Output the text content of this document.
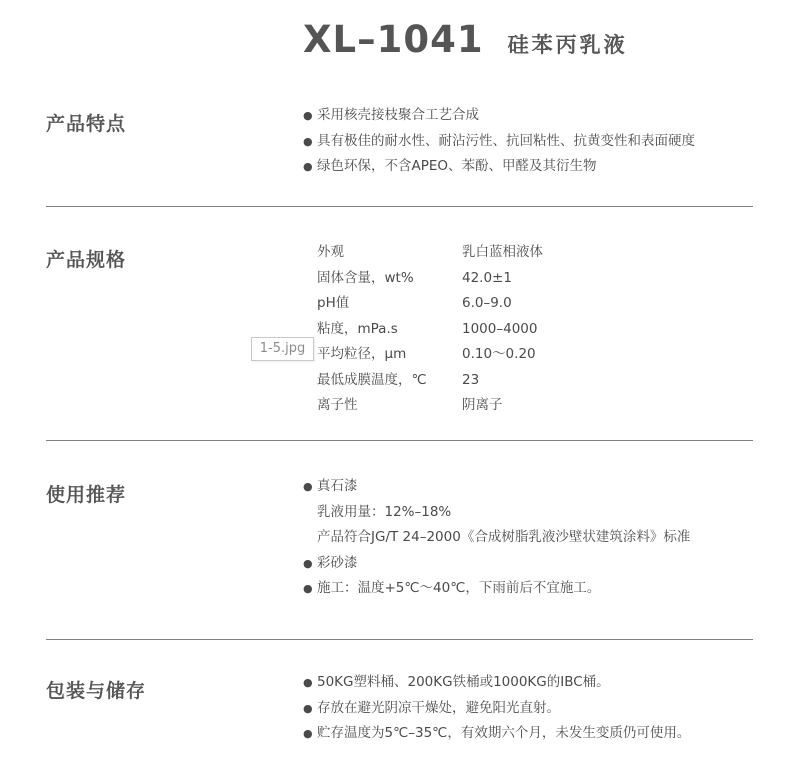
XL–1041 硅苯丙乳液
产品特点	● 采用核壳接枝聚合工艺合成
● 具有极佳的耐水性、耐沾污性、抗回粘性、抗黄变性和表面硬度
● 绿色环保，不含APEO、苯酚、甲醛及其衍生物
产品规格	外观	乳白蓝相液体
固体含量，wt%	42.0±1
pH值	6.0–9.0
粘度，mPa.s	1000–4000
平均粒径，μm	0.10～0.20
最低成膜温度，℃	23
离子性	阴离子
1-5.jpg
使用推荐	● 真石漆
乳液用量：12%–18%
产品符合JG/T 24–2000《合成树脂乳液沙壁状建筑涂料》标准
● 彩砂漆
● 施工：温度+5℃～40℃，下雨前后不宜施工。
包装与储存	● 50KG塑料桶、200KG铁桶或1000KG的IBC桶。
● 存放在避光阴凉干燥处，避免阳光直射。
● 贮存温度为5℃–35℃，有效期六个月，未发生变质仍可使用。
